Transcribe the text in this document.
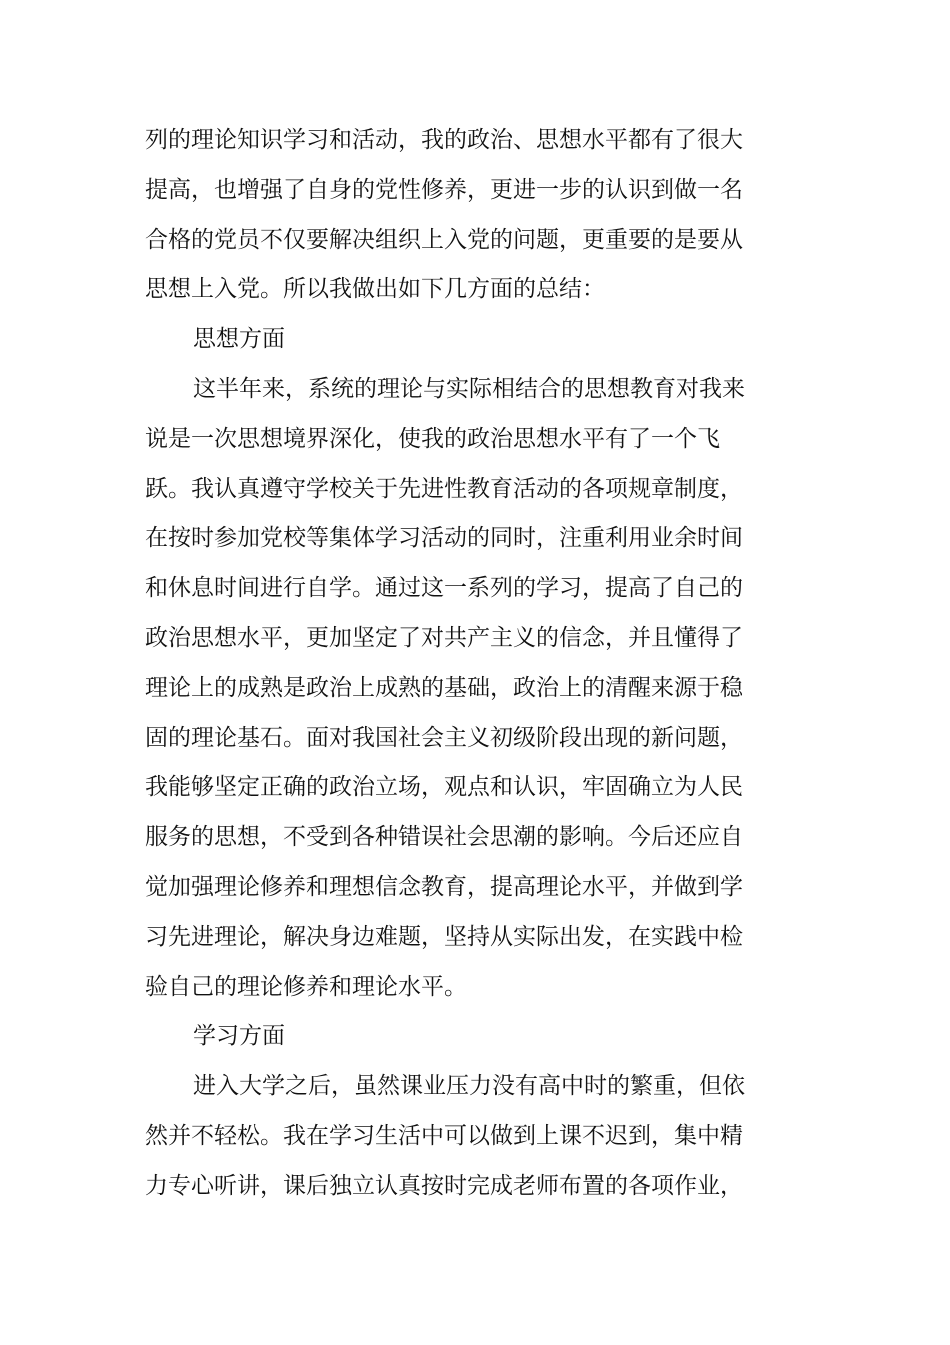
列的理论知识学习和活动，我的政治、思想水平都有了很大
提高，也增强了自身的党性修养，更进一步的认识到做一名
合格的党员不仅要解决组织上入党的问题，更重要的是要从
思想上入党。所以我做出如下几方面的总结：
思想方面
这半年来，系统的理论与实际相结合的思想教育对我来
说是一次思想境界深化，使我的政治思想水平有了一个飞
跃。我认真遵守学校关于先进性教育活动的各项规章制度，
在按时参加党校等集体学习活动的同时，注重利用业余时间
和休息时间进行自学。通过这一系列的学习，提高了自己的
政治思想水平，更加坚定了对共产主义的信念，并且懂得了
理论上的成熟是政治上成熟的基础，政治上的清醒来源于稳
固的理论基石。面对我国社会主义初级阶段出现的新问题，
我能够坚定正确的政治立场，观点和认识，牢固确立为人民
服务的思想，不受到各种错误社会思潮的影响。今后还应自
觉加强理论修养和理想信念教育，提高理论水平，并做到学
习先进理论，解决身边难题，坚持从实际出发，在实践中检
验自己的理论修养和理论水平。
学习方面
进入大学之后，虽然课业压力没有高中时的繁重，但依
然并不轻松。我在学习生活中可以做到上课不迟到，集中精
力专心听讲，课后独立认真按时完成老师布置的各项作业，
